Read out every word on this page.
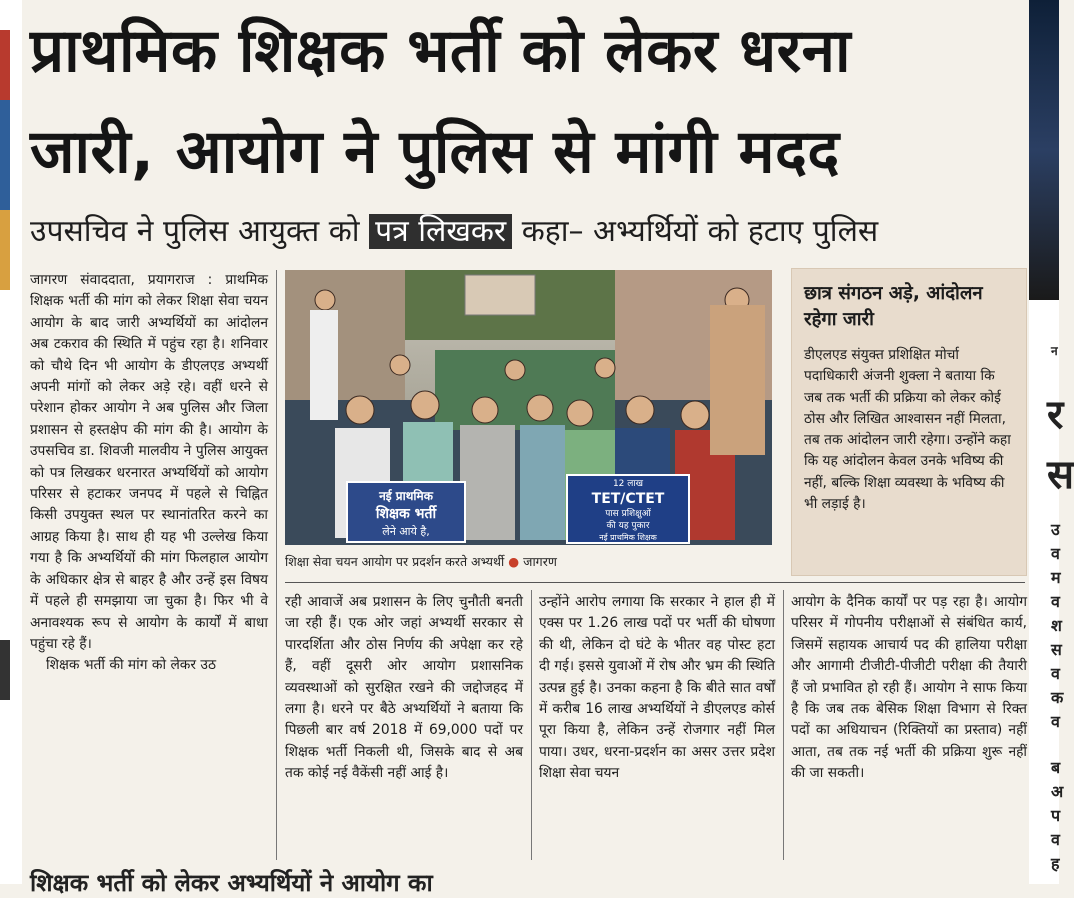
न
र
स
उ
व
म
व
श
स
व
क
व
ब
अ
प
व
ह
प्राथमिक शिक्षक भर्ती को लेकर धरना
जारी, आयोग ने पुलिस से मांगी मदद
उपसचिव ने पुलिस आयुक्त को पत्र लिखकर कहा– अभ्यर्थियों को हटाए पुलिस

जागरण संवाददाता, प्रयागराज : प्राथमिक शिक्षक भर्ती की मांग को लेकर शिक्षा सेवा चयन आयोग के बाद जारी अभ्यर्थियों का आंदोलन अब टकराव की स्थिति में पहुंच रहा है। शनिवार को चौथे दिन भी आयोग के डीएलएड अभ्यर्थी अपनी मांगों को लेकर अड़े रहे। वहीं धरने से परेशान होकर आयोग ने अब पुलिस और जिला प्रशासन से हस्तक्षेप की मांग की है। आयोग के उपसचिव डा. शिवजी मालवीय ने पुलिस आयुक्त को पत्र लिखकर धरनारत अभ्यर्थियों को आयोग परिसर से हटाकर जनपद में पहले से चिह्नित किसी उपयुक्त स्थल पर स्थानांतरित करने का आग्रह किया है। साथ ही यह भी उल्लेख किया गया है कि अभ्यर्थियों की मांग फिलहाल आयोग के अधिकार क्षेत्र से बाहर है और उन्हें इस विषय में पहले ही समझाया जा चुका है। फिर भी वे अनावश्यक रूप से आयोग के कार्यों में बाधा पहुंचा रहे हैं।

शिक्षक भर्ती की मांग को लेकर उठ

नई प्राथमिक
शिक्षक भर्ती
लेने आये है,
12 लाख
TET/CTET
पास प्रशिक्षुओं
की यह पुकार
नई प्राथमिक शिक्षक
शिक्षा सेवा चयन आयोग पर प्रदर्शन करते अभ्यर्थी ● जागरण
छात्र संगठन अड़े, आंदोलन रहेगा जारी
डीएलएड संयुक्त प्रशिक्षित मोर्चा पदाधिकारी अंजनी शुक्ला ने बताया कि जब तक भर्ती की प्रक्रिया को लेकर कोई ठोस और लिखित आश्वासन नहीं मिलता, तब तक आंदोलन जारी रहेगा। उन्होंने कहा कि यह आंदोलन केवल उनके भविष्य की नहीं, बल्कि शिक्षा व्यवस्था के भविष्य की भी लड़ाई है।

रही आवाजें अब प्रशासन के लिए चुनौती बनती जा रही हैं। एक ओर जहां अभ्यर्थी सरकार से पारदर्शिता और ठोस निर्णय की अपेक्षा कर रहे हैं, वहीं दूसरी ओर आयोग प्रशासनिक व्यवस्थाओं को सुरक्षित रखने की जद्दोजहद में लगा है। धरने पर बैठे अभ्यर्थियों ने बताया कि पिछली बार वर्ष 2018 में 69,000 पदों पर शिक्षक भर्ती निकली थी, जिसके बाद से अब तक कोई नई वैकेंसी नहीं आई है।

उन्होंने आरोप लगाया कि सरकार ने हाल ही में एक्स पर 1.26 लाख पदों पर भर्ती की घोषणा की थी, लेकिन दो घंटे के भीतर वह पोस्ट हटा दी गई। इससे युवाओं में रोष और भ्रम की स्थिति उत्पन्न हुई है। उनका कहना है कि बीते सात वर्षों में करीब 16 लाख अभ्यर्थियों ने डीएलएड कोर्स पूरा किया है, लेकिन उन्हें रोजगार नहीं मिल पाया। उधर, धरना-प्रदर्शन का असर उत्तर प्रदेश शिक्षा सेवा चयन

आयोग के दैनिक कार्यों पर पड़ रहा है। आयोग परिसर में गोपनीय परीक्षाओं से संबंधित कार्य, जिसमें सहायक आचार्य पद की हालिया परीक्षा और आगामी टीजीटी-पीजीटी परीक्षा की तैयारी हैं जो प्रभावित हो रही हैं। आयोग ने साफ किया है कि जब तक बेसिक शिक्षा विभाग से रिक्त पदों का अधियाचन (रिक्तियों का प्रस्ताव) नहीं आता, तब तक नई भर्ती की प्रक्रिया शुरू नहीं की जा सकती।

शिक्षक भर्ती को लेकर अभ्यर्थियों ने आयोग का
